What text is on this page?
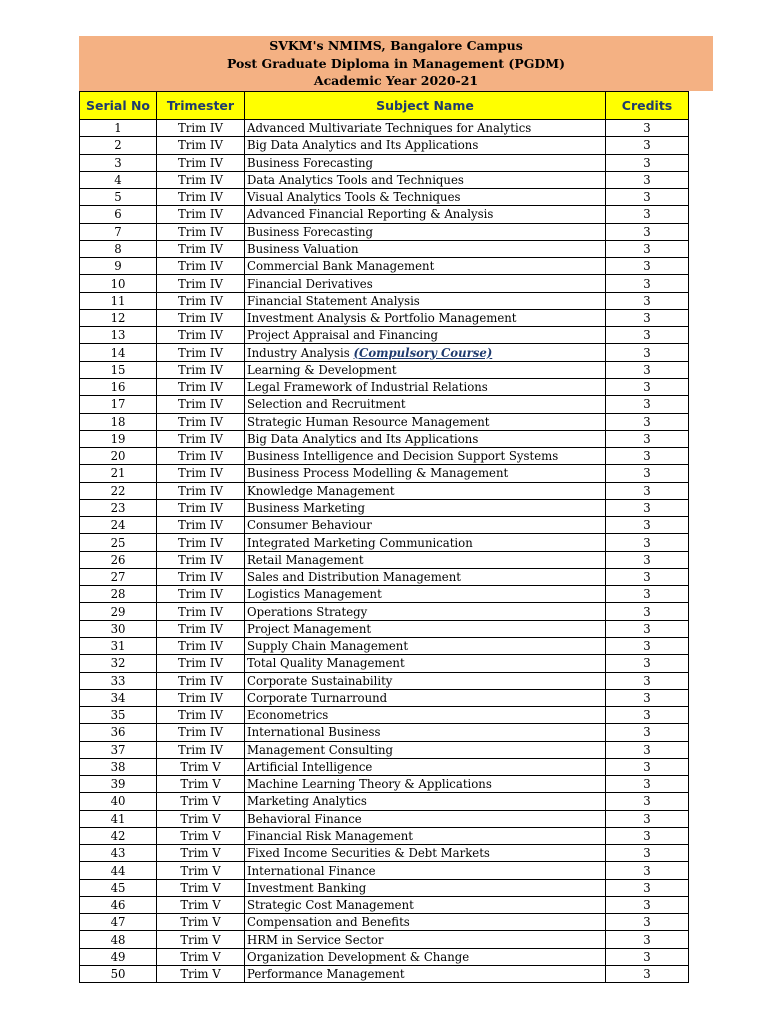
SVKM's NMIMS, Bangalore Campus
Post Graduate Diploma in Management (PGDM)
Academic Year 2020-21
Serial No	Trimester	Subject Name	Credits
1	Trim IV	Advanced Multivariate Techniques for Analytics	3
2	Trim IV	Big Data Analytics and Its Applications	3
3	Trim IV	Business Forecasting	3
4	Trim IV	Data Analytics Tools and Techniques	3
5	Trim IV	Visual Analytics Tools & Techniques	3
6	Trim IV	Advanced Financial Reporting & Analysis	3
7	Trim IV	Business Forecasting	3
8	Trim IV	Business Valuation	3
9	Trim IV	Commercial Bank Management	3
10	Trim IV	Financial Derivatives	3
11	Trim IV	Financial Statement Analysis	3
12	Trim IV	Investment Analysis & Portfolio Management	3
13	Trim IV	Project Appraisal and Financing	3
14	Trim IV	Industry Analysis (Compulsory Course)	3
15	Trim IV	Learning & Development	3
16	Trim IV	Legal Framework of Industrial Relations	3
17	Trim IV	Selection and Recruitment	3
18	Trim IV	Strategic Human Resource Management	3
19	Trim IV	Big Data Analytics and Its Applications	3
20	Trim IV	Business Intelligence and Decision Support Systems	3
21	Trim IV	Business Process Modelling & Management	3
22	Trim IV	Knowledge Management	3
23	Trim IV	Business Marketing	3
24	Trim IV	Consumer Behaviour	3
25	Trim IV	Integrated Marketing Communication	3
26	Trim IV	Retail Management	3
27	Trim IV	Sales and Distribution Management	3
28	Trim IV	Logistics Management	3
29	Trim IV	Operations Strategy	3
30	Trim IV	Project Management	3
31	Trim IV	Supply Chain Management	3
32	Trim IV	Total Quality Management	3
33	Trim IV	Corporate Sustainability	3
34	Trim IV	Corporate Turnarround	3
35	Trim IV	Econometrics	3
36	Trim IV	International Business	3
37	Trim IV	Management Consulting	3
38	Trim V	Artificial Intelligence	3
39	Trim V	Machine Learning Theory & Applications	3
40	Trim V	Marketing Analytics	3
41	Trim V	Behavioral Finance	3
42	Trim V	Financial Risk Management	3
43	Trim V	Fixed Income Securities & Debt Markets	3
44	Trim V	International Finance	3
45	Trim V	Investment Banking	3
46	Trim V	Strategic Cost Management	3
47	Trim V	Compensation and Benefits	3
48	Trim V	HRM in Service Sector	3
49	Trim V	Organization Development & Change	3
50	Trim V	Performance Management	3
